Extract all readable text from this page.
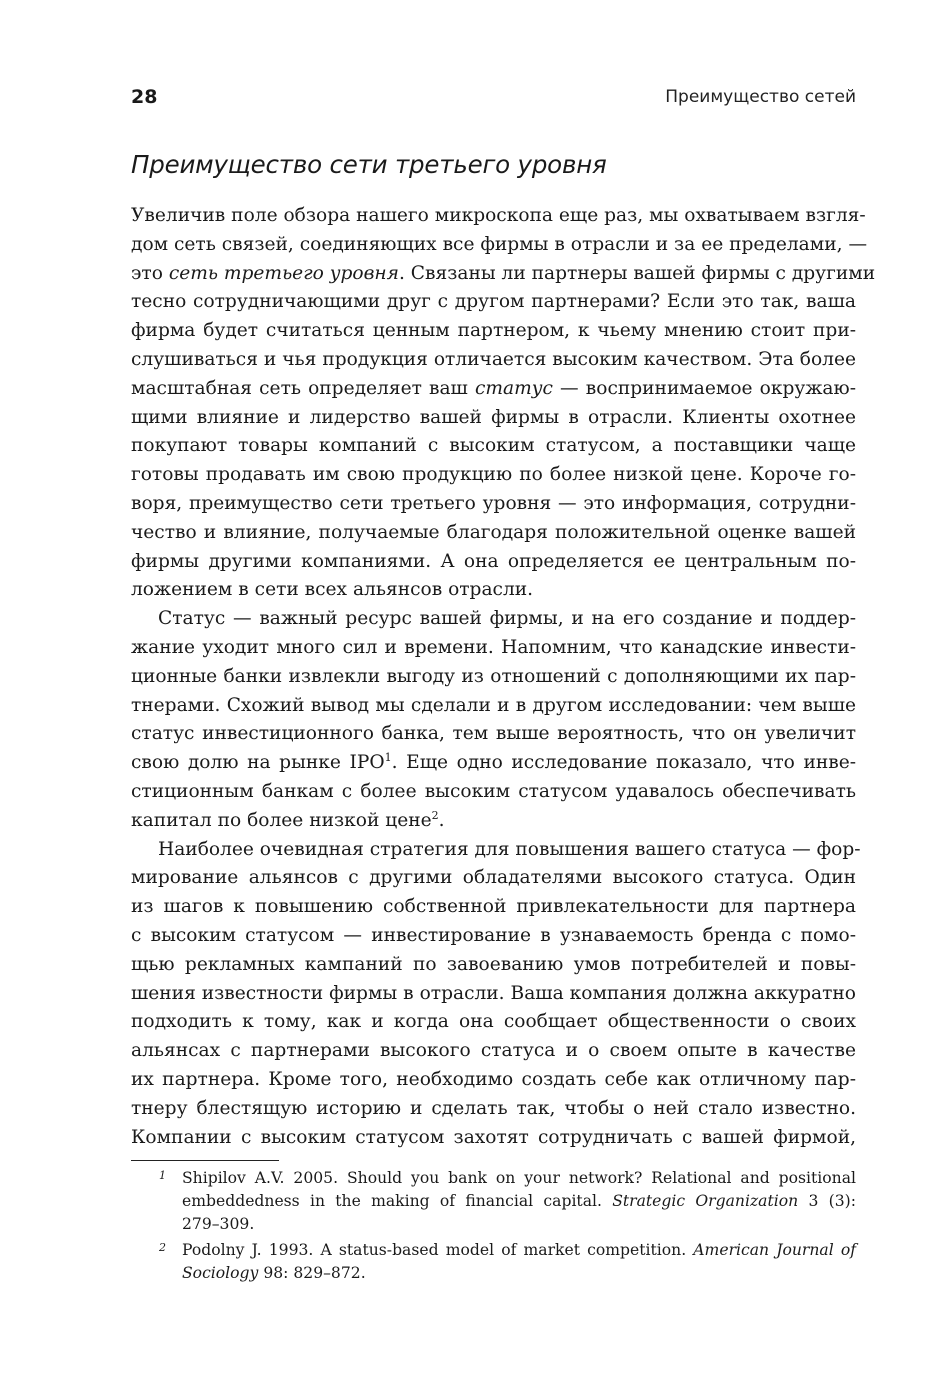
28	Преимущество сетей
Преимущество сети третьего уровня
Увеличив поле обзора нашего микроскопа еще раз, мы охватываем взгля-
дом сеть связей, соединяющих все фирмы в отрасли и за ее пределами, —
это сеть третьего уровня. Связаны ли партнеры вашей фирмы с другими
тесно сотрудничающими друг с другом партнерами? Если это так, ваша
фирма будет считаться ценным партнером, к чьему мнению стоит при-
слушиваться и чья продукция отличается высоким качеством. Эта более
масштабная сеть определяет ваш статус — воспринимаемое окружаю-
щими влияние и лидерство вашей фирмы в отрасли. Клиенты охотнее
покупают товары компаний с высоким статусом, а поставщики чаще
готовы продавать им свою продукцию по более низкой цене. Короче го-
воря, преимущество сети третьего уровня — это информация, сотрудни-
чество и влияние, получаемые благодаря положительной оценке вашей
фирмы другими компаниями. А она определяется ее центральным по-
ложением в сети всех альянсов отрасли.
Статус — важный ресурс вашей фирмы, и на его создание и поддер-
жание уходит много сил и времени. Напомним, что канадские инвести-
ционные банки извлекли выгоду из отношений с дополняющими их пар-
тнерами. Схожий вывод мы сделали и в другом исследовании: чем выше
статус инвестиционного банка, тем выше вероятность, что он увеличит
свою долю на рынке IPO$^1$. Еще одно исследование показало, что инве-
стиционным банкам с более высоким статусом удавалось обеспечивать
капитал по более низкой цене$^2$.
Наиболее очевидная стратегия для повышения вашего статуса — фор-
мирование альянсов с другими обладателями высокого статуса. Один
из шагов к повышению собственной привлекательности для партнера
с высоким статусом — инвестирование в узнаваемость бренда с помо-
щью рекламных кампаний по завоеванию умов потребителей и повы-
шения известности фирмы в отрасли. Ваша компания должна аккуратно
подходить к тому, как и когда она сообщает общественности о своих
альянсах с партнерами высокого статуса и о своем опыте в качестве
их партнера. Кроме того, необходимо создать себе как отличному пар-
тнеру блестящую историю и сделать так, чтобы о ней стало известно.
Компании с высоким статусом захотят сотрудничать с вашей фирмой,
1 Shipilov A.V. 2005. Should you bank on your network? Relational and positional
embeddedness in the making of financial capital. Strategic Organization 3 (3):
279–309.
2 Podolny J. 1993. A status-based model of market competition. American Journal of
Sociology 98: 829–872.
